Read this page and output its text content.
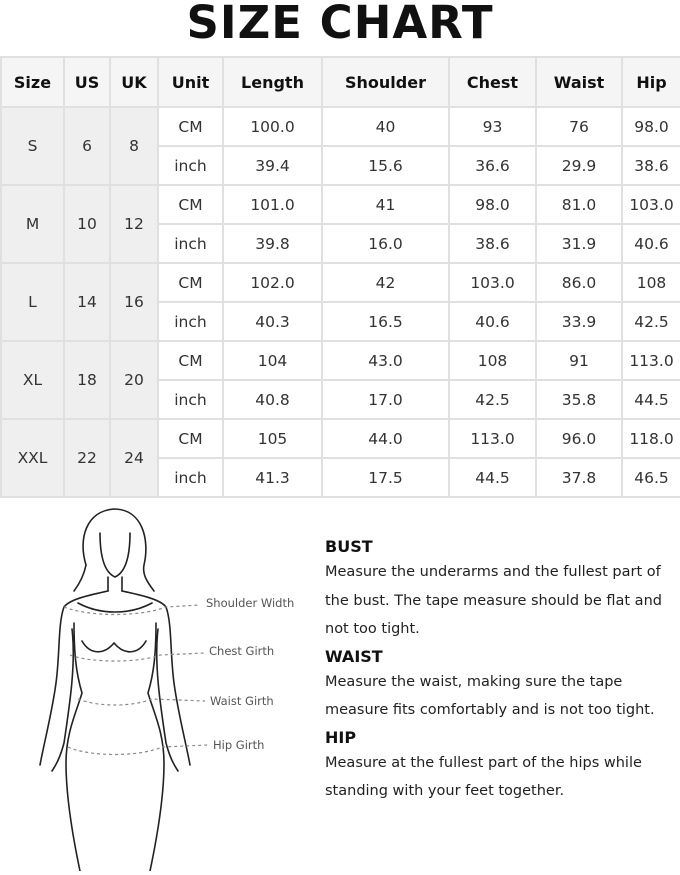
SIZE CHART
Size	US	UK	Unit	Length	Shoulder	Chest	Waist	Hip
S	6	8	CM	100.0	40	93	76	98.0
			inch	39.4	15.6	36.6	29.9	38.6
M	10	12	CM	101.0	41	98.0	81.0	103.0
			inch	39.8	16.0	38.6	31.9	40.6
L	14	16	CM	102.0	42	103.0	86.0	108
			inch	40.3	16.5	40.6	33.9	42.5
XL	18	20	CM	104	43.0	108	91	113.0
			inch	40.8	17.0	42.5	35.8	44.5
XXL	22	24	CM	105	44.0	113.0	96.0	118.0
			inch	41.3	17.5	44.5	37.8	46.5
Shoulder Width
Chest Girth
Waist Girth
Hip Girth
BUST

Measure the underarms and the fullest part of the bust. The tape measure should be flat and not too tight.

WAIST

Measure the waist, making sure the tape measure fits comfortably and is not too tight.

HIP

Measure at the fullest part of the hips while standing with your feet together.
